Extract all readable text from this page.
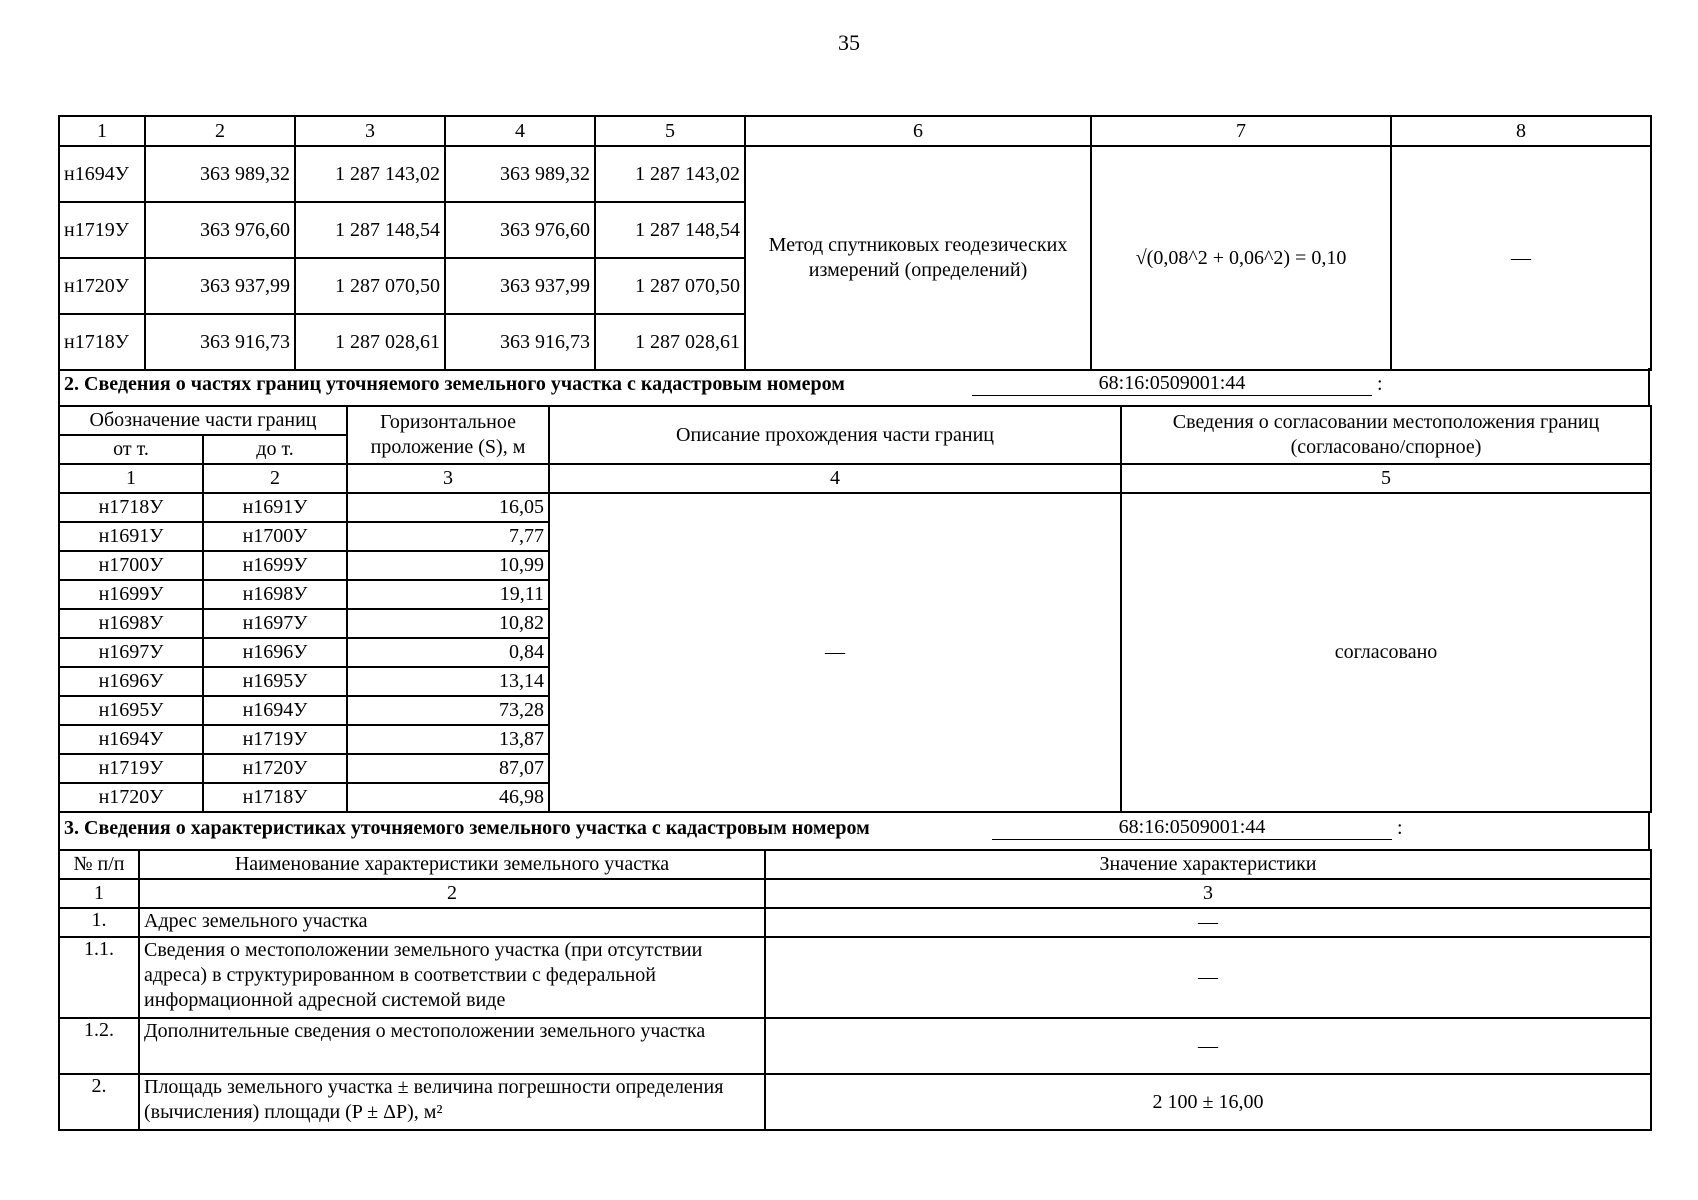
35
1	2	3	4	5	6	7	8
н1694У	363 989,32	1 287 143,02	363 989,32	1 287 143,02	Метод спутниковых геодезических измерений (определений)	√(0,08^2 + 0,06^2) = 0,10	—
н1719У	363 976,60	1 287 148,54	363 976,60	1 287 148,54			
н1720У	363 937,99	1 287 070,50	363 937,99	1 287 070,50			
н1718У	363 916,73	1 287 028,61	363 916,73	1 287 028,61			
2. Сведения о частях границ уточняемого земельного участка с кадастровым номером	68:16:0509001:44	:
Обозначение части границ		Горизонтальное проложение (S), м	Описание прохождения части границ	Сведения о согласовании местоположения границ (согласовано/спорное)
от т.	до т.			
1	2	3	4	5
н1718У	н1691У	16,05	—	согласовано
н1691У	н1700У	7,77		
н1700У	н1699У	10,99		
н1699У	н1698У	19,11		
н1698У	н1697У	10,82		
н1697У	н1696У	0,84		
н1696У	н1695У	13,14		
н1695У	н1694У	73,28		
н1694У	н1719У	13,87		
н1719У	н1720У	87,07		
н1720У	н1718У	46,98		
3. Сведения о характеристиках уточняемого земельного участка с кадастровым номером	68:16:0509001:44	:
№ п/п	Наименование характеристики земельного участка	Значение характеристики
1	2	3
1.	Адрес земельного участка	—
1.1.	Сведения о местоположении земельного участка (при отсутствии адреса) в структурированном в соответствии с федеральной информационной адресной системой виде	—
1.2.	Дополнительные сведения о местоположении земельного участка	—
2.	Площадь земельного участка ± величина погрешности определения (вычисления) площади (P ± ΔP), м²	2 100 ± 16,00
